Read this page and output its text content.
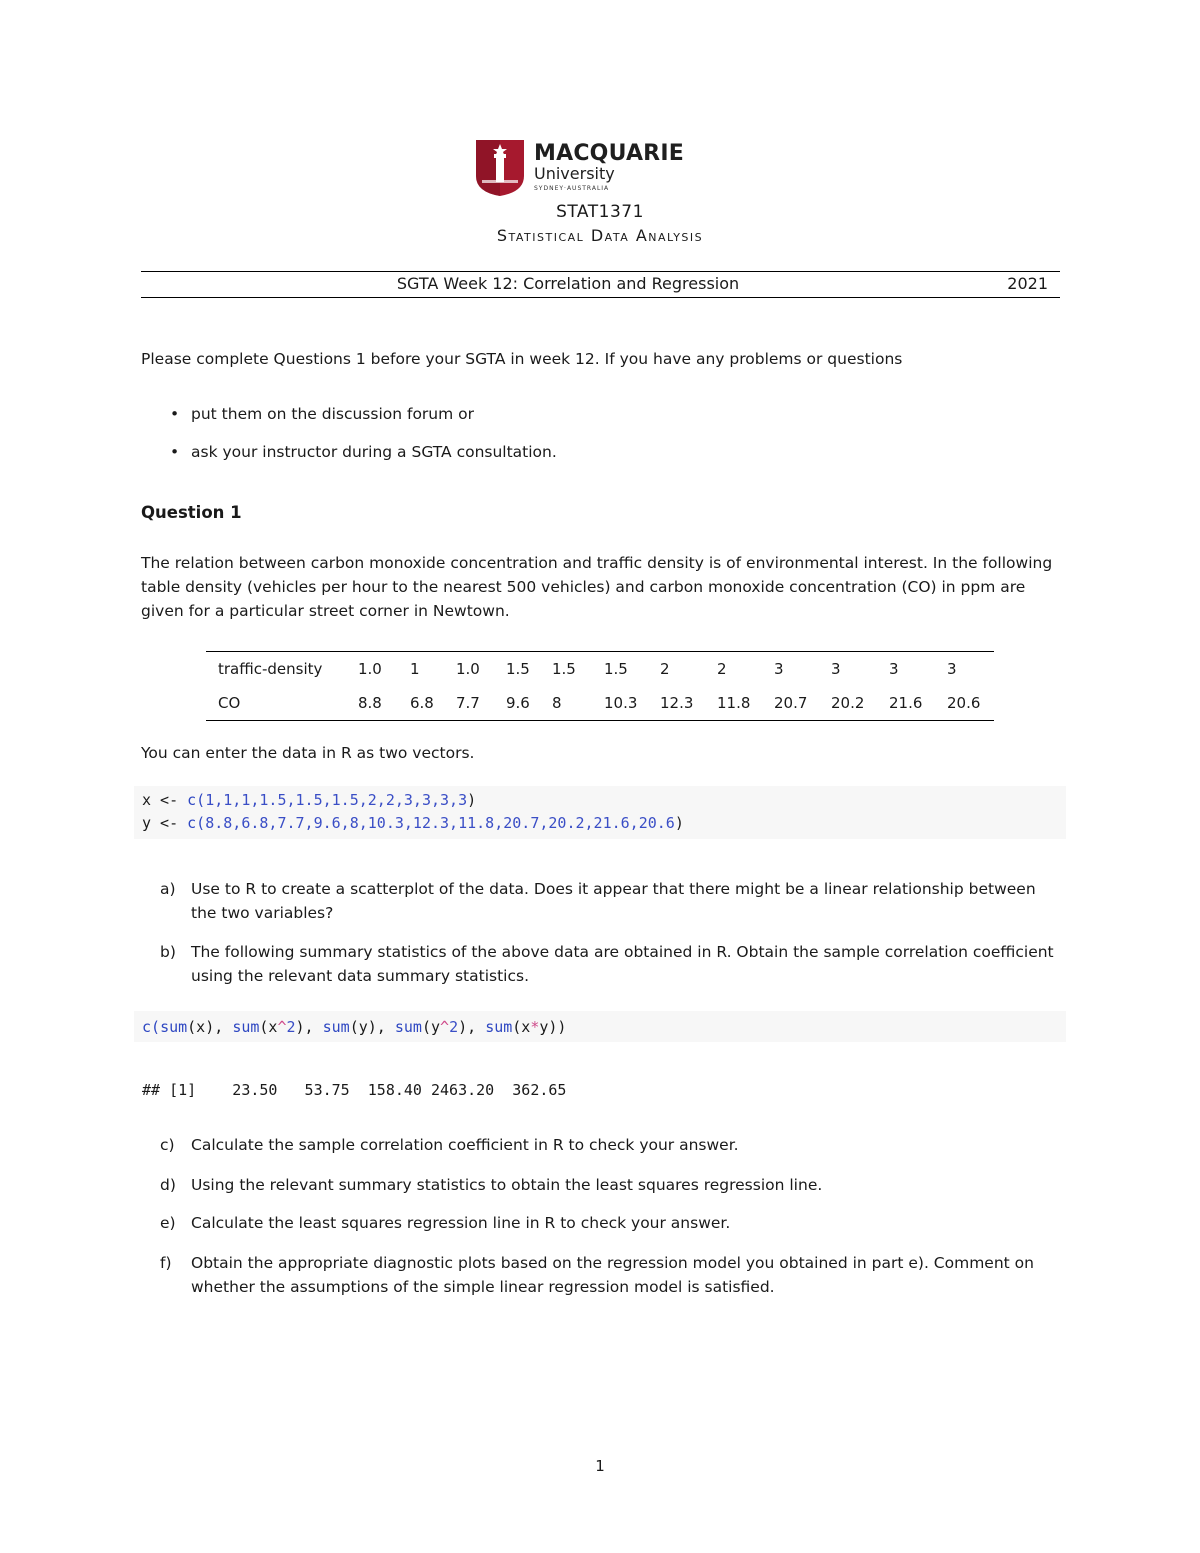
MACQUARIE
University
SYDNEY·AUSTRALIA
STAT1371
Statistical Data Analysis
SGTA Week 12: Correlation and Regression	2021
Please complete Questions 1 before your SGTA in week 12. If you have any problems or questions
• put them on the discussion forum or
• ask your instructor during a SGTA consultation.
Question 1
The relation between carbon monoxide concentration and traffic density is of environmental interest. In the following table density (vehicles per hour to the nearest 500 vehicles) and carbon monoxide concentration (CO) in ppm are given for a particular street corner in Newtown.
traffic-density	1.0	1	1.0	1.5	1.5	1.5	2	2	3	3	3	3
CO	8.8	6.8	7.7	9.6	8	10.3	12.3	11.8	20.7	20.2	21.6	20.6
You can enter the data in R as two vectors.
x <- c(1,1,1,1.5,1.5,1.5,2,2,3,3,3,3)
y <- c(8.8,6.8,7.7,9.6,8,10.3,12.3,11.8,20.7,20.2,21.6,20.6)
a) Use to R to create a scatterplot of the data. Does it appear that there might be a linear relationship between the two variables?
b) The following summary statistics of the above data are obtained in R. Obtain the sample correlation coefficient using the relevant data summary statistics.
c(sum(x), sum(x^2), sum(y), sum(y^2), sum(x*y))
## [1]    23.50   53.75  158.40 2463.20  362.65
c)	Calculate the sample correlation coefficient in R to check your answer.
d) Using the relevant summary statistics to obtain the least squares regression line.
e) Calculate the least squares regression line in R to check your answer.
f)	Obtain the appropriate diagnostic plots based on the regression model you obtained in part e). Comment on whether the assumptions of the simple linear regression model is satisfied.
1
